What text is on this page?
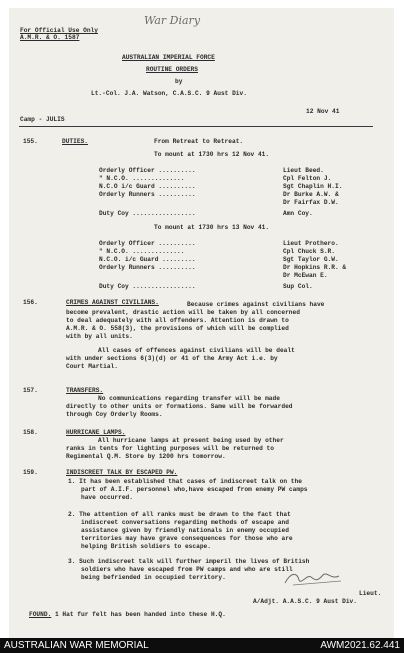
For Official Use Only
A.M.R. & O. 1587
War Diary
AUSTRALIAN IMPERIAL FORCE
ROUTINE ORDERS
by
Lt.-Col. J.A. Watson, C.A.S.C. 9 Aust Div.
Camp - JULIS
12 Nov 41
155.	DUTIES.	From Retreat to Retreat.
To mount at 1730 hrs 12 Nov 41.
Orderly Officer ..........	Lieut Beed.
" N.C.O. ..............	Cpl Felton J.
N.C.O i/c Guard ..........	Sgt Chaplin H.I.
Orderly Runners ..........	Dr Burke A.W. &
Dr Fairfax D.W.
Duty Coy .................	Amn Coy.
To mount at 1730 hrs 13 Nov 41.
Orderly Officer ..........	Lieut Prothero.
" N.C.O. ..............	Cpl Chuck S.R.
N.C.O. i/c Guard .........	Sgt Taylor G.W.
Orderly Runners ..........	Dr Hopkins R.R. &
Dr McEwan E.
Duty Coy .................	Sup Col.
156.	CRIMES AGAINST CIVILIANS.	Because crimes against civilians have
become prevalent, drastic action will be taken by all concerned
to deal adequately with all offenders. Attention is drawn to
A.M.R. & O. 558(3), the provisions of which will be complied
with by all units.
All cases of offences against civilians will be dealt
with under sections 6(3)(d) or 41 of the Army Act i.e. by
Court Martial.
157.	TRANSFERS.
No communications regarding transfer will be made
directly to other units or formations. Same will be forwarded
through Coy Orderly Rooms.
158.	HURRICANE LAMPS.
All hurricane lamps at present being used by other
ranks in tents for lighting purposes will be returned to
Regimental Q.M. Store by 1200 hrs tomorrow.
159.	INDISCREET TALK BY ESCAPED PW.
1. It has been established that cases of indiscreet talk on the
part of A.I.F. personnel who,have escaped from enemy PW camps
have occurred.
2. The attention of all ranks must be drawn to the fact that
indiscreet conversations regarding methods of escape and
assistance given by friendly nationals in enemy occupied
territories may have grave consequences for those who are
helping British soldiers to escape.
3. Such indiscreet talk will further imperil the lives of British
soldiers who have escaped from PW camps and who are still
being befriended in occupied territory.
Lieut.
A/Adjt. A.A.S.C. 9 Aust Div.
FOUND. 1 Hat fur felt has been handed into these H.Q.
AUSTRALIAN WAR MEMORIAL	AWM2021.62.441
